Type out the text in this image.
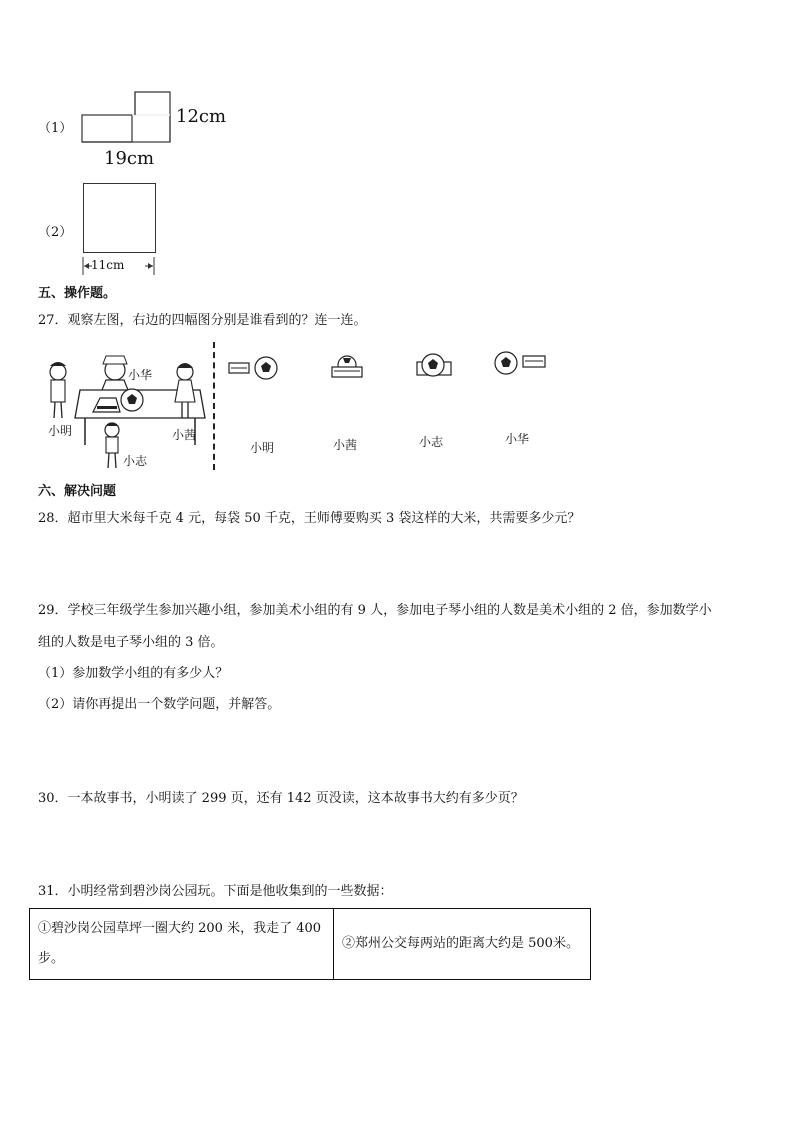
（1）
12cm
19cm
（2）
11cm
五、操作题。
27．观察左图，右边的四幅图分别是谁看到的？连一连。
小明
小华
小茜
小志
小明	小茜	小志	小华
六、解决问题
28．超市里大米每千克 4 元，每袋 50 千克，王师傅要购买 3 袋这样的大米，共需要多少元？
29．学校三年级学生参加兴趣小组，参加美术小组的有 9 人，参加电子琴小组的人数是美术小组的 2 倍，参加数学小
组的人数是电子琴小组的 3 倍。
（1）参加数学小组的有多少人？
（2）请你再提出一个数学问题，并解答。
30．一本故事书，小明读了 299 页，还有 142 页没读，这本故事书大约有多少页？
31．小明经常到碧沙岗公园玩。下面是他收集到的一些数据：
①碧沙岗公园草坪一圈大约 200 米，我走了 400
步。

②郑州公交每两站的距离大约是 500米。
